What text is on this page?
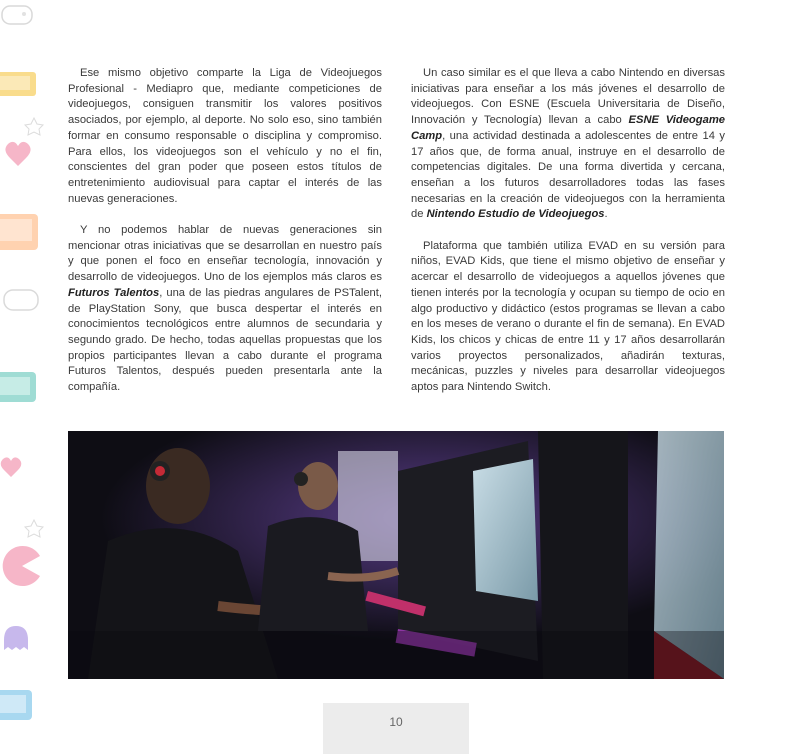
Ese mismo objetivo comparte la Liga de Videojuegos Profesional - Mediapro que, mediante competiciones de videojuegos, consiguen transmitir los valores positivos asociados, por ejemplo, al deporte. No solo eso, sino también formar en consumo responsable o disciplina y compromiso. Para ellos, los videojuegos son el vehículo y no el fin, conscientes del gran poder que poseen estos títulos de entretenimiento audiovisual para captar el interés de las nuevas generaciones.

Y no podemos hablar de nuevas generaciones sin mencionar otras iniciativas que se desarrollan en nuestro país y que ponen el foco en enseñar tecnología, innovación y desarrollo de videojuegos. Uno de los ejemplos más claros es Futuros Talentos, una de las piedras angulares de PSTalent, de PlayStation Sony, que busca despertar el interés en conocimientos tecnológicos entre alumnos de secundaria y segundo grado. De hecho, todas aquellas propuestas que los propios participantes llevan a cabo durante el programa Futuros Talentos, después pueden presentarla ante la compañía.

Un caso similar es el que lleva a cabo Nintendo en diversas iniciativas para enseñar a los más jóvenes el desarrollo de videojuegos. Con ESNE (Escuela Universitaria de Diseño, Innovación y Tecnología) llevan a cabo ESNE Videogame Camp, una actividad destinada a adolescentes de entre 14 y 17 años que, de forma anual, instruye en el desarrollo de competencias digitales. De una forma divertida y cercana, enseñan a los futuros desarrolladores todas las fases necesarias en la creación de videojuegos con la herramienta de Nintendo Estudio de Videojuegos.

Plataforma que también utiliza EVAD en su versión para niños, EVAD Kids, que tiene el mismo objetivo de enseñar y acercar el desarrollo de videojuegos a aquellos jóvenes que tienen interés por la tecnología y ocupan su tiempo de ocio en algo productivo y didáctico (estos programas se llevan a cabo en los meses de verano o durante el fin de semana). En EVAD Kids, los chicos y chicas de entre 11 y 17 años desarrollarán varios proyectos personalizados, añadirán texturas, mecánicas, puzzles y niveles para desarrollar videojuegos aptos para Nintendo Switch.

10
